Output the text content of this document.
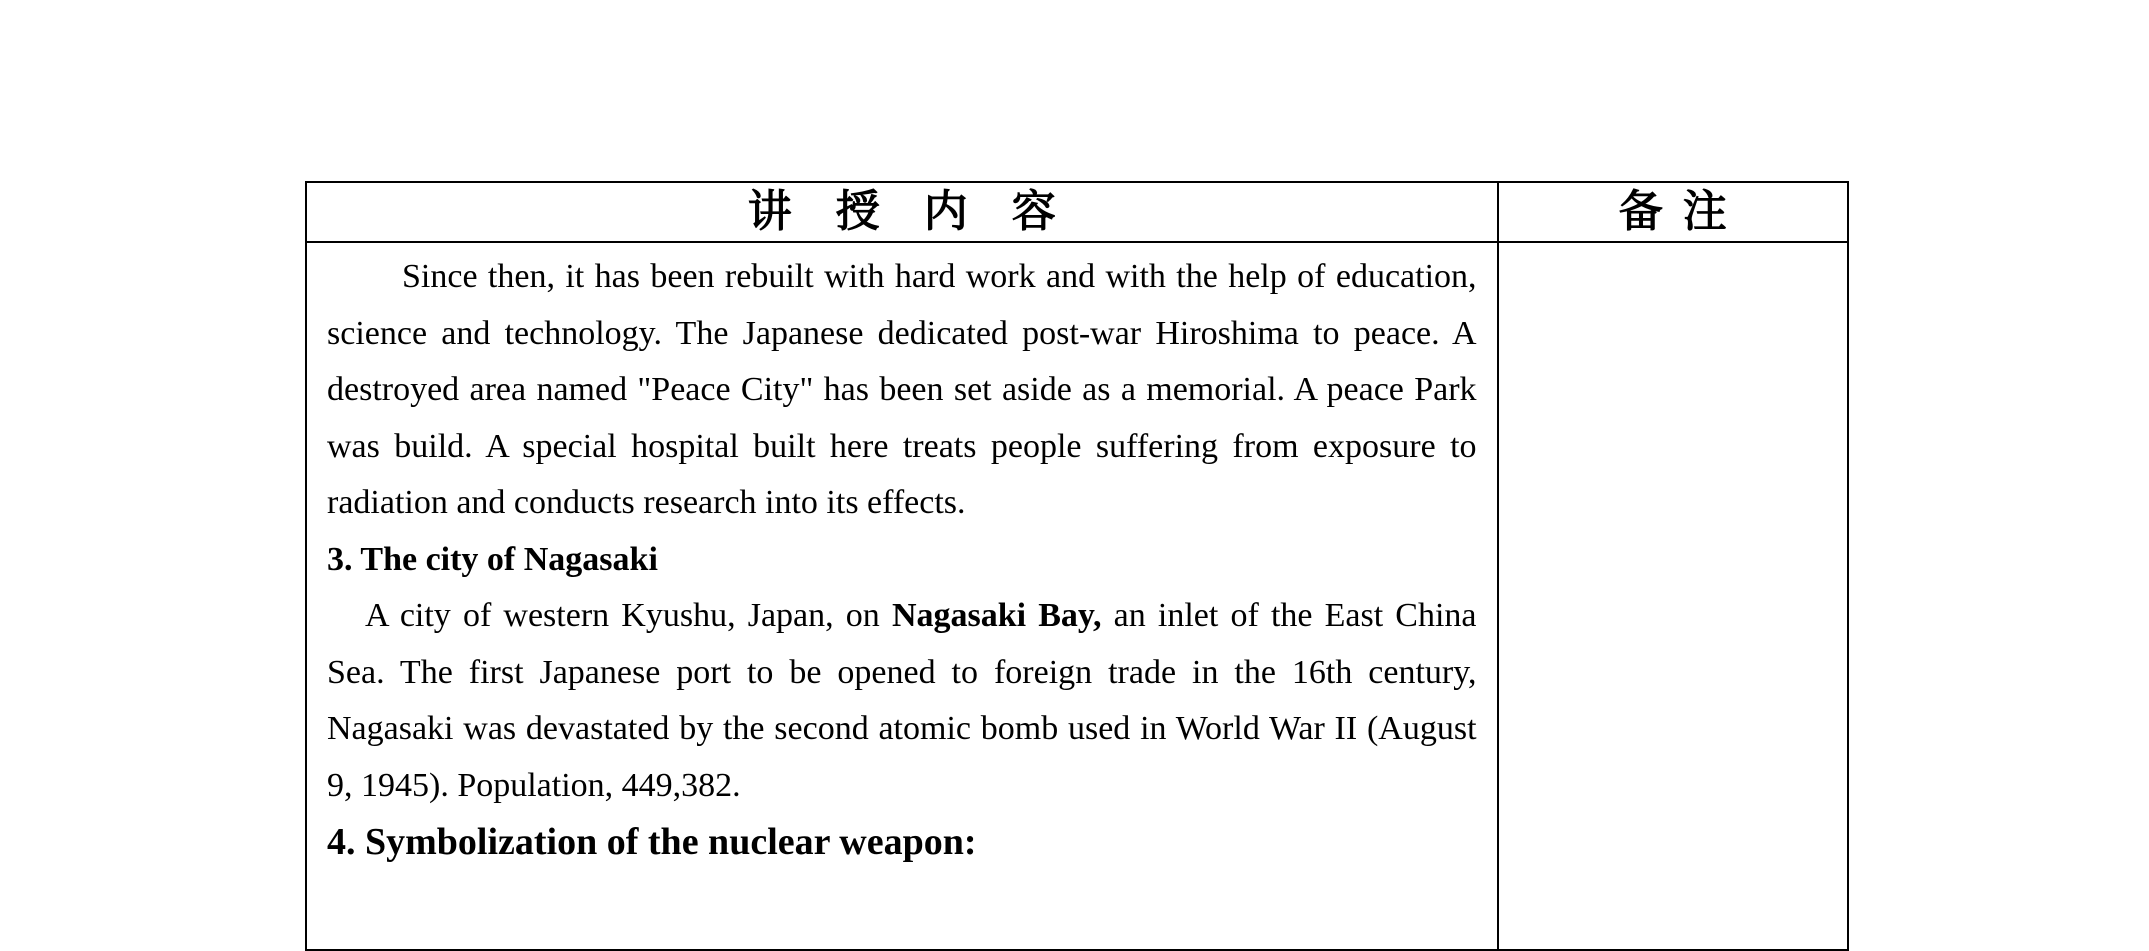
讲授内容	备注

Since then, it has been rebuilt with hard work and with the help of education, science and technology. The Japanese dedicated post-war Hiroshima to peace. A destroyed area named "Peace City" has been set aside as a memorial. A peace Park was build. A special hospital built here treats people suffering from exposure to radiation and conducts research into its effects.

3. The city of Nagasaki

A city of western Kyushu, Japan, on Nagasaki Bay, an inlet of the East China Sea. The first Japanese port to be opened to foreign trade in the 16th century, Nagasaki was devastated by the second atomic bomb used in World War II (August 9, 1945). Population, 449,382.

4. Symbolization of the nuclear weapon:	
